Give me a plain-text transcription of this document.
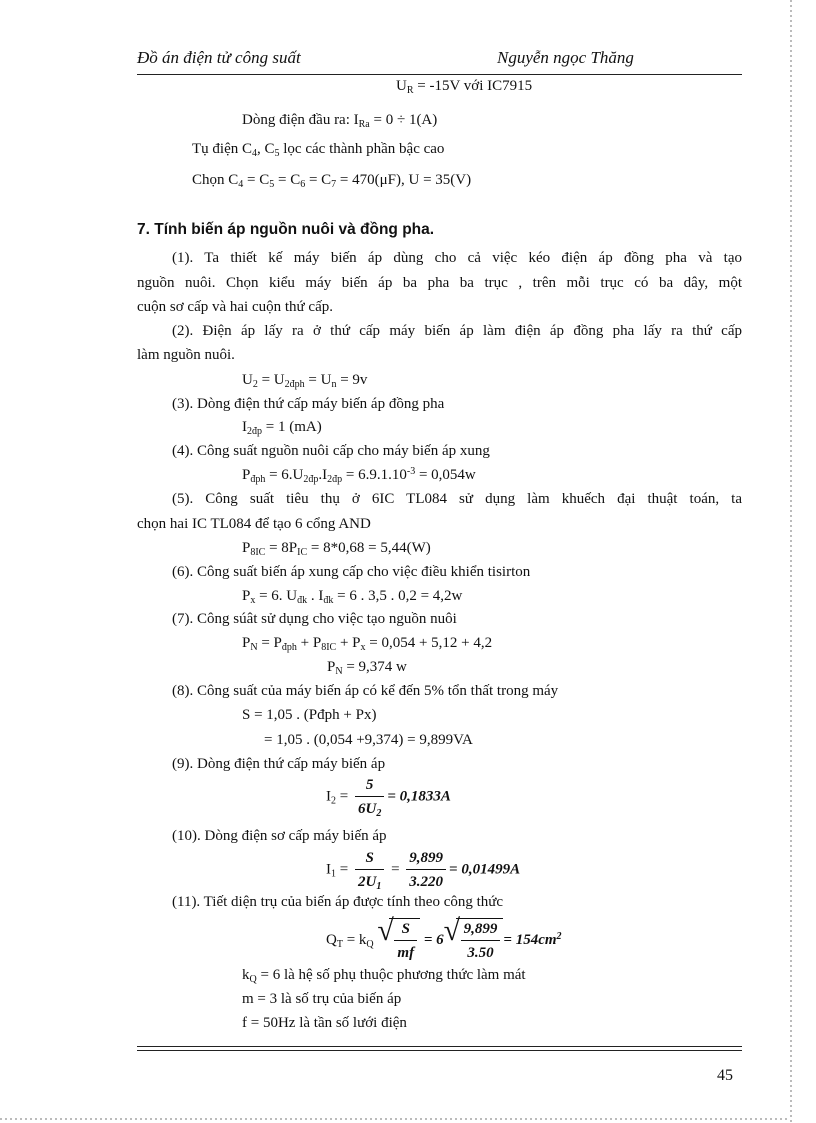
Đồ án điện tử công suất	Nguyễn ngọc Thăng
$U_R = -15V$ với IC7915
Dòng điện đầu ra: $I_{Ra} = 0 \div 1(A)$
Tụ điện $C_4$, $C_5$ lọc các thành phần bậc cao
Chọn $C_4 = C_5 = C_6 = C_7 = 470(\mu F)$, U = 35(V)
7. Tính biến áp nguồn nuôi và đồng pha.
(1). Ta thiết kế máy biến áp dùng cho cả việc kéo điện áp đồng pha và tạo
nguồn nuôi. Chọn kiểu máy biến áp ba pha ba trục , trên mỗi trục có ba dây, một
cuộn sơ cấp và hai cuộn thứ cấp.
(2). Điện áp lấy ra ở thứ cấp máy biến áp làm điện áp đồng pha lấy ra thứ cấp
làm nguồn nuôi.
$U_2 = U_{2đph} = U_n = 9v$
(3). Dòng điện thứ cấp máy biến áp đồng pha
$I_{2đp} = 1$ (mA)
(4). Công suất nguồn nuôi cấp cho máy biến áp xung
$P_{đph} = 6.U_{2đp}.I_{2đp} = 6.9.1.10^{-3} = 0,054w$
(5). Công suất tiêu thụ ở 6IC TL084 sử dụng làm khuếch đại thuật toán, ta
chọn hai IC TL084 để tạo 6 cổng AND
$P_{8IC} = 8P_{IC} = 8*0,68 = 5,44(W)$
(6). Công suất biến áp xung cấp cho việc điều khiển tisirton
$P_x = 6$. $U_{đk}$ . $I_{đk} = 6$ . 3,5 . 0,2 = 4,2w
(7). Công súât sử dụng cho việc tạo nguồn nuôi
$P_N = P_{đph} + P_{8IC} + P_x = 0,054 + 5,12 + 4,2$
$P_N = 9,374$ w
(8). Công suất của máy biến áp có kể đến 5% tổn thất trong máy
S = 1,05 . (Pđph + Px)
= 1,05 . (0,054 +9,374) = 9,899VA
(9). Dòng điện thứ cấp máy biến áp
$I_2 = \frac{5}{6U_2} = 0,1833A$
(10). Dòng điện sơ cấp máy biến áp
$I_1 = \frac{S}{2U_1} = \frac{9,899}{3.220} = 0,01499A$
(11). Tiết diện trụ của biến áp được tính theo công thức
$Q_T = k_Q$ √ $\frac{S}{mf} = 6$ √ $\frac{9,899}{3.50} = 154cm^2$
$k_Q = 6$ là hệ số phụ thuộc phương thức làm mát
m = 3 là số trụ của biến áp
f = 50Hz là tần số lưới điện
45
